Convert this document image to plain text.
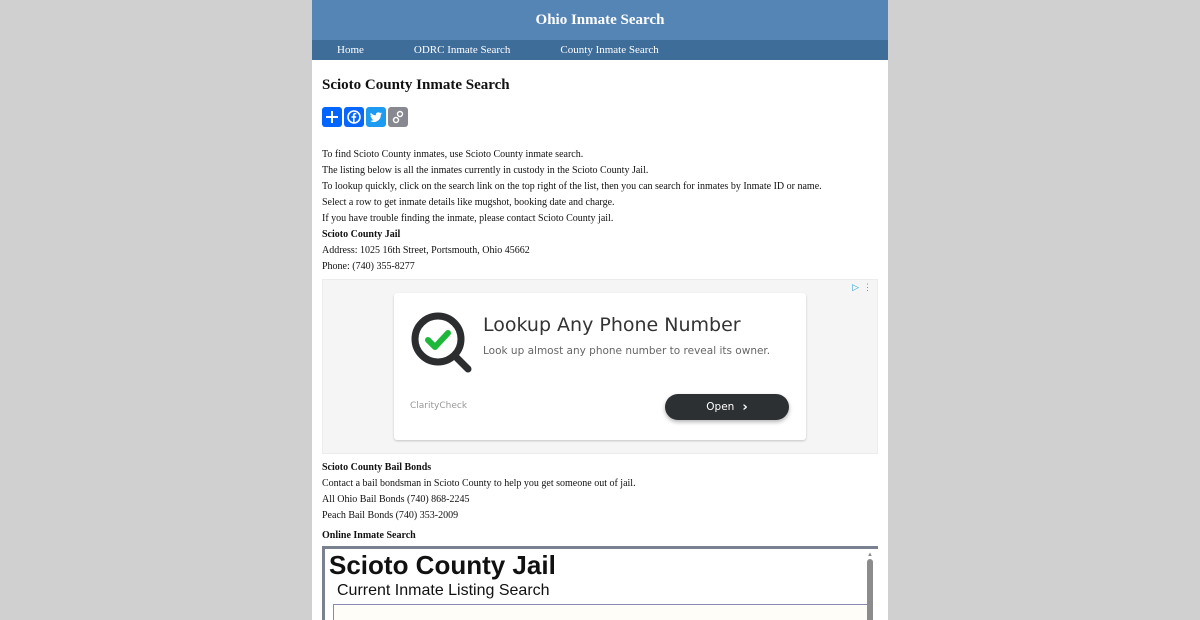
Ohio Inmate Search
Home	ODRC Inmate Search	County Inmate Search
Scioto County Inmate Search

To find Scioto County inmates, use Scioto County inmate search.

The listing below is all the inmates currently in custody in the Scioto County Jail.

To lookup quickly, click on the search link on the top right of the list, then you can search for inmates by Inmate ID or name.

Select a row to get inmate details like mugshot, booking date and charge.

If you have trouble finding the inmate, please contact Scioto County jail.

Scioto County Jail

Address: 1025 16th Street, Portsmouth, Ohio 45662

Phone: (740) 355-8277

▷ ⋮
Lookup Any Phone Number
Look up almost any phone number to reveal its owner.
ClarityCheck	Open ›

Scioto County Bail Bonds

Contact a bail bondsman in Scioto County to help you get someone out of jail.

All Ohio Bail Bonds (740) 868-2245

Peach Bail Bonds (740) 353-2009

Online Inmate Search

Scioto County Jail
Current Inmate Listing Search
▲
